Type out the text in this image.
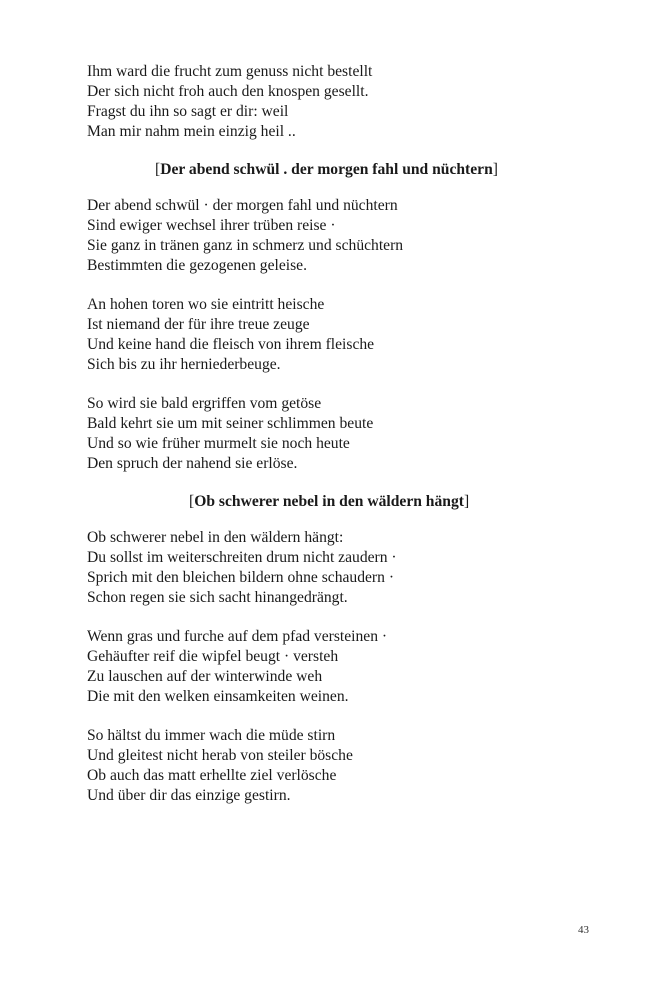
Ihm ward die frucht zum genuss nicht bestellt
Der sich nicht froh auch den knospen gesellt.
Fragst du ihn so sagt er dir: weil
Man mir nahm mein einzig heil ..
[Der abend schwül . der morgen fahl und nüchtern]
Der abend schwül · der morgen fahl und nüchtern
Sind ewiger wechsel ihrer trüben reise ·
Sie ganz in tränen ganz in schmerz und schüchtern
Bestimmten die gezogenen geleise.
An hohen toren wo sie eintritt heische
Ist niemand der für ihre treue zeuge
Und keine hand die fleisch von ihrem fleische
Sich bis zu ihr herniederbeuge.
So wird sie bald ergriffen vom getöse
Bald kehrt sie um mit seiner schlimmen beute
Und so wie früher murmelt sie noch heute
Den spruch der nahend sie erlöse.
[Ob schwerer nebel in den wäldern hängt]
Ob schwerer nebel in den wäldern hängt:
Du sollst im weiterschreiten drum nicht zaudern ·
Sprich mit den bleichen bildern ohne schaudern ·
Schon regen sie sich sacht hinangedrängt.
Wenn gras und furche auf dem pfad versteinen ·
Gehäufter reif die wipfel beugt · versteh
Zu lauschen auf der winterwinde weh
Die mit den welken einsamkeiten weinen.
So hältst du immer wach die müde stirn
Und gleitest nicht herab von steiler bösche
Ob auch das matt erhellte ziel verlösche
Und über dir das einzige gestirn.
43
